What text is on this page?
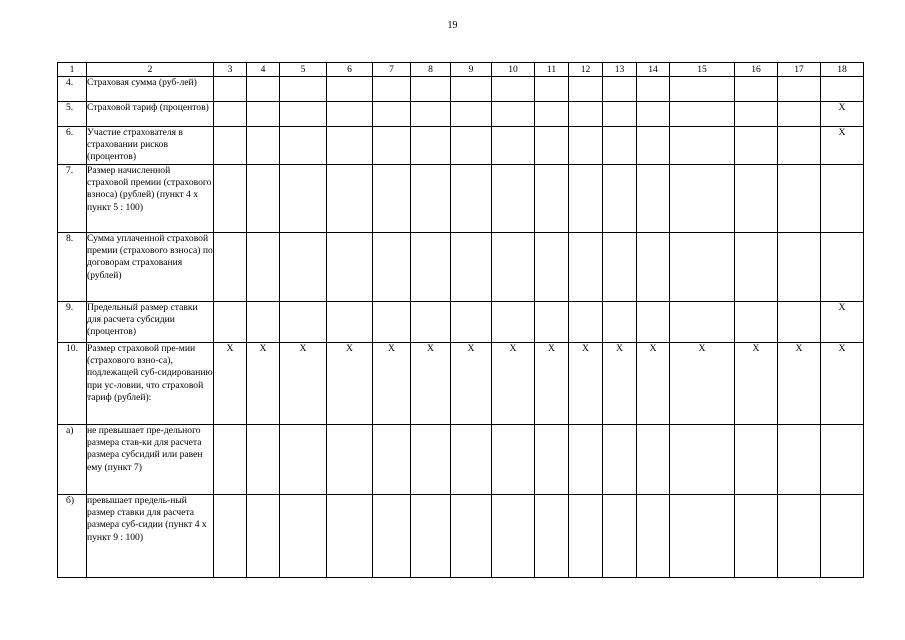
19
1	2	3	4	5	6	7	8	9	10	11	12	13	14	15	16	17	18

4.	Страховая сумма (руб-лей)																

5.	Страховой тариф (процентов)																X

6.	Участие страхователя в страховании рисков (процентов)																X

7.	Размер начисленной страховой премии (страхового взноса) (рублей) (пункт 4 x пункт 5 : 100)																

8.	Сумма уплаченной страховой премии (страхового взноса) по договорам страхования (рублей)																

9.	Предельный размер ставки для расчета субсидии (процентов)																X

10.	Размер страховой пре-мии (страхового взно-са), подлежащей суб-сидированию при ус-ловии, что страховой тариф (рублей):	X	X	X	X	X	X	X	X	X	X	X	X	X	X	X	X

а)	не превышает пре-дельного размера став-ки для расчета размера субсидий или равен ему (пункт 7)																

б)	превышает предель-ный размер ставки для расчета размера суб-сидии (пункт 4 x пункт 9 : 100)																
